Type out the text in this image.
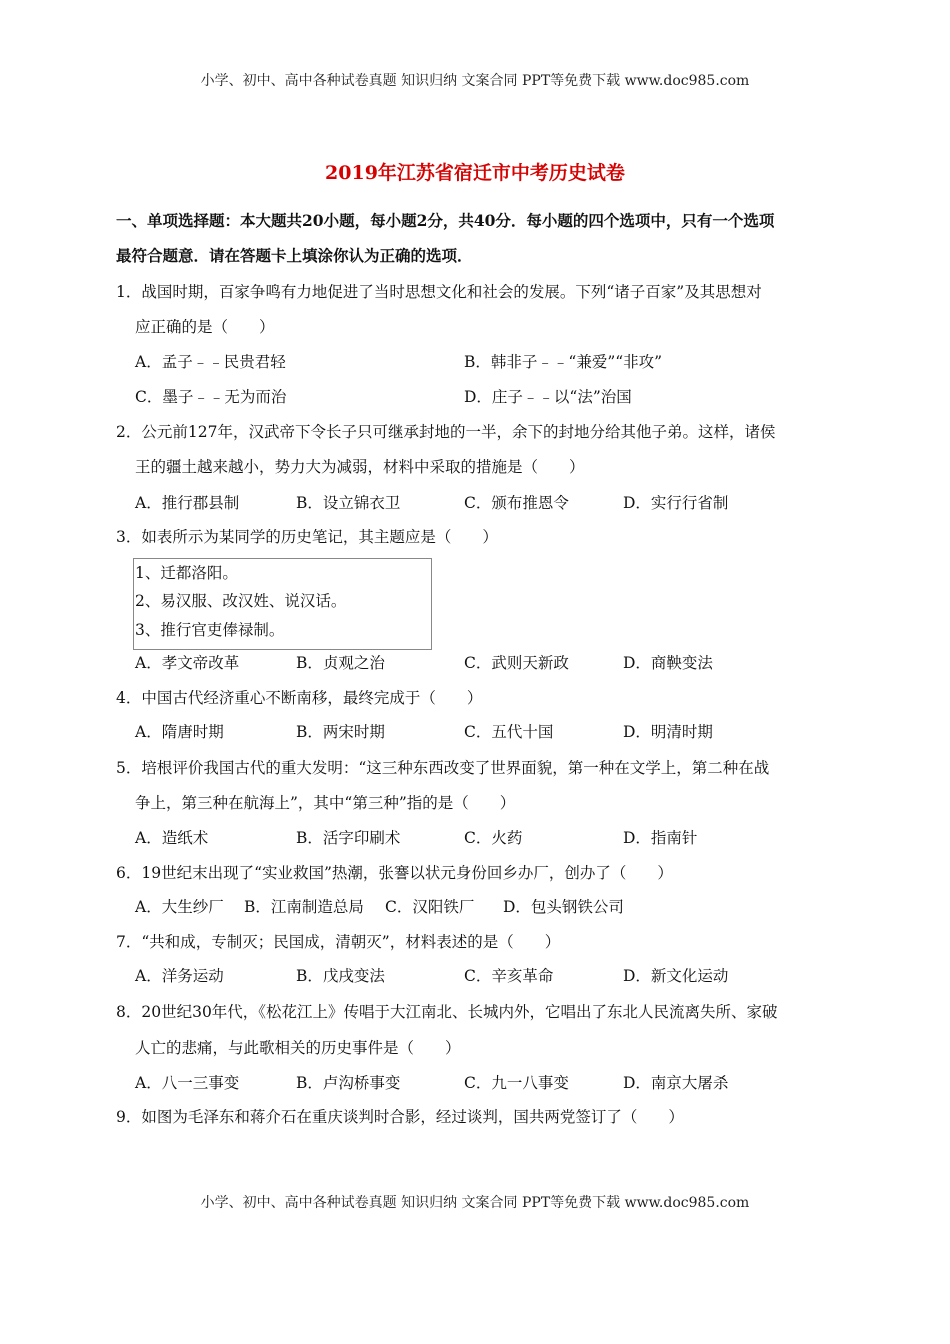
小学、初中、高中各种试卷真题 知识归纳 文案合同 PPT等免费下载 www.doc985.com
2019年江苏省宿迁市中考历史试卷
一、单项选择题：本大题共20小题，每小题2分，共40分．每小题的四个选项中，只有一个选项
最符合题意．请在答题卡上填涂你认为正确的选项．
1．战国时期，百家争鸣有力地促进了当时思想文化和社会的发展。下列“诸子百家”及其思想对
应正确的是（　　）
A．孟子﹣﹣民贵君轻	B．韩非子﹣﹣“兼爱”“非攻”
C．墨子﹣﹣无为而治	D．庄子﹣﹣以“法”治国
2．公元前127年，汉武帝下令长子只可继承封地的一半，余下的封地分给其他子弟。这样，诸侯
王的疆土越来越小，势力大为减弱，材料中采取的措施是（　　）
A．推行郡县制	B．设立锦衣卫	C．颁布推恩令	D．实行行省制
3．如表所示为某同学的历史笔记，其主题应是（　　）
1、迁都洛阳。
2、易汉服、改汉姓、说汉话。
3、推行官吏俸禄制。
A．孝文帝改革	B．贞观之治	C．武则天新政	D．商鞅变法
4．中国古代经济重心不断南移，最终完成于（　　）
A．隋唐时期	B．两宋时期	C．五代十国	D．明清时期
5．培根评价我国古代的重大发明：“这三种东西改变了世界面貌，第一种在文学上，第二种在战
争上，第三种在航海上”，其中“第三种”指的是（　　）
A．造纸术	B．活字印刷术	C．火药	D．指南针
6．19世纪末出现了“实业救国”热潮，张謇以状元身份回乡办厂，创办了（　　）
A．大生纱厂 B．江南制造总局 C．汉阳铁厂 D．包头钢铁公司
7．“共和成，专制灭；民国成，清朝灭”，材料表述的是（　　）
A．洋务运动	B．戊戌变法	C．辛亥革命	D．新文化运动
8．20世纪30年代，《松花江上》传唱于大江南北、长城内外，它唱出了东北人民流离失所、家破
人亡的悲痛，与此歌相关的历史事件是（　　）
A．八一三事变	B．卢沟桥事变	C．九一八事变	D．南京大屠杀
9．如图为毛泽东和蒋介石在重庆谈判时合影，经过谈判，国共两党签订了（　　）
小学、初中、高中各种试卷真题 知识归纳 文案合同 PPT等免费下载 www.doc985.com
